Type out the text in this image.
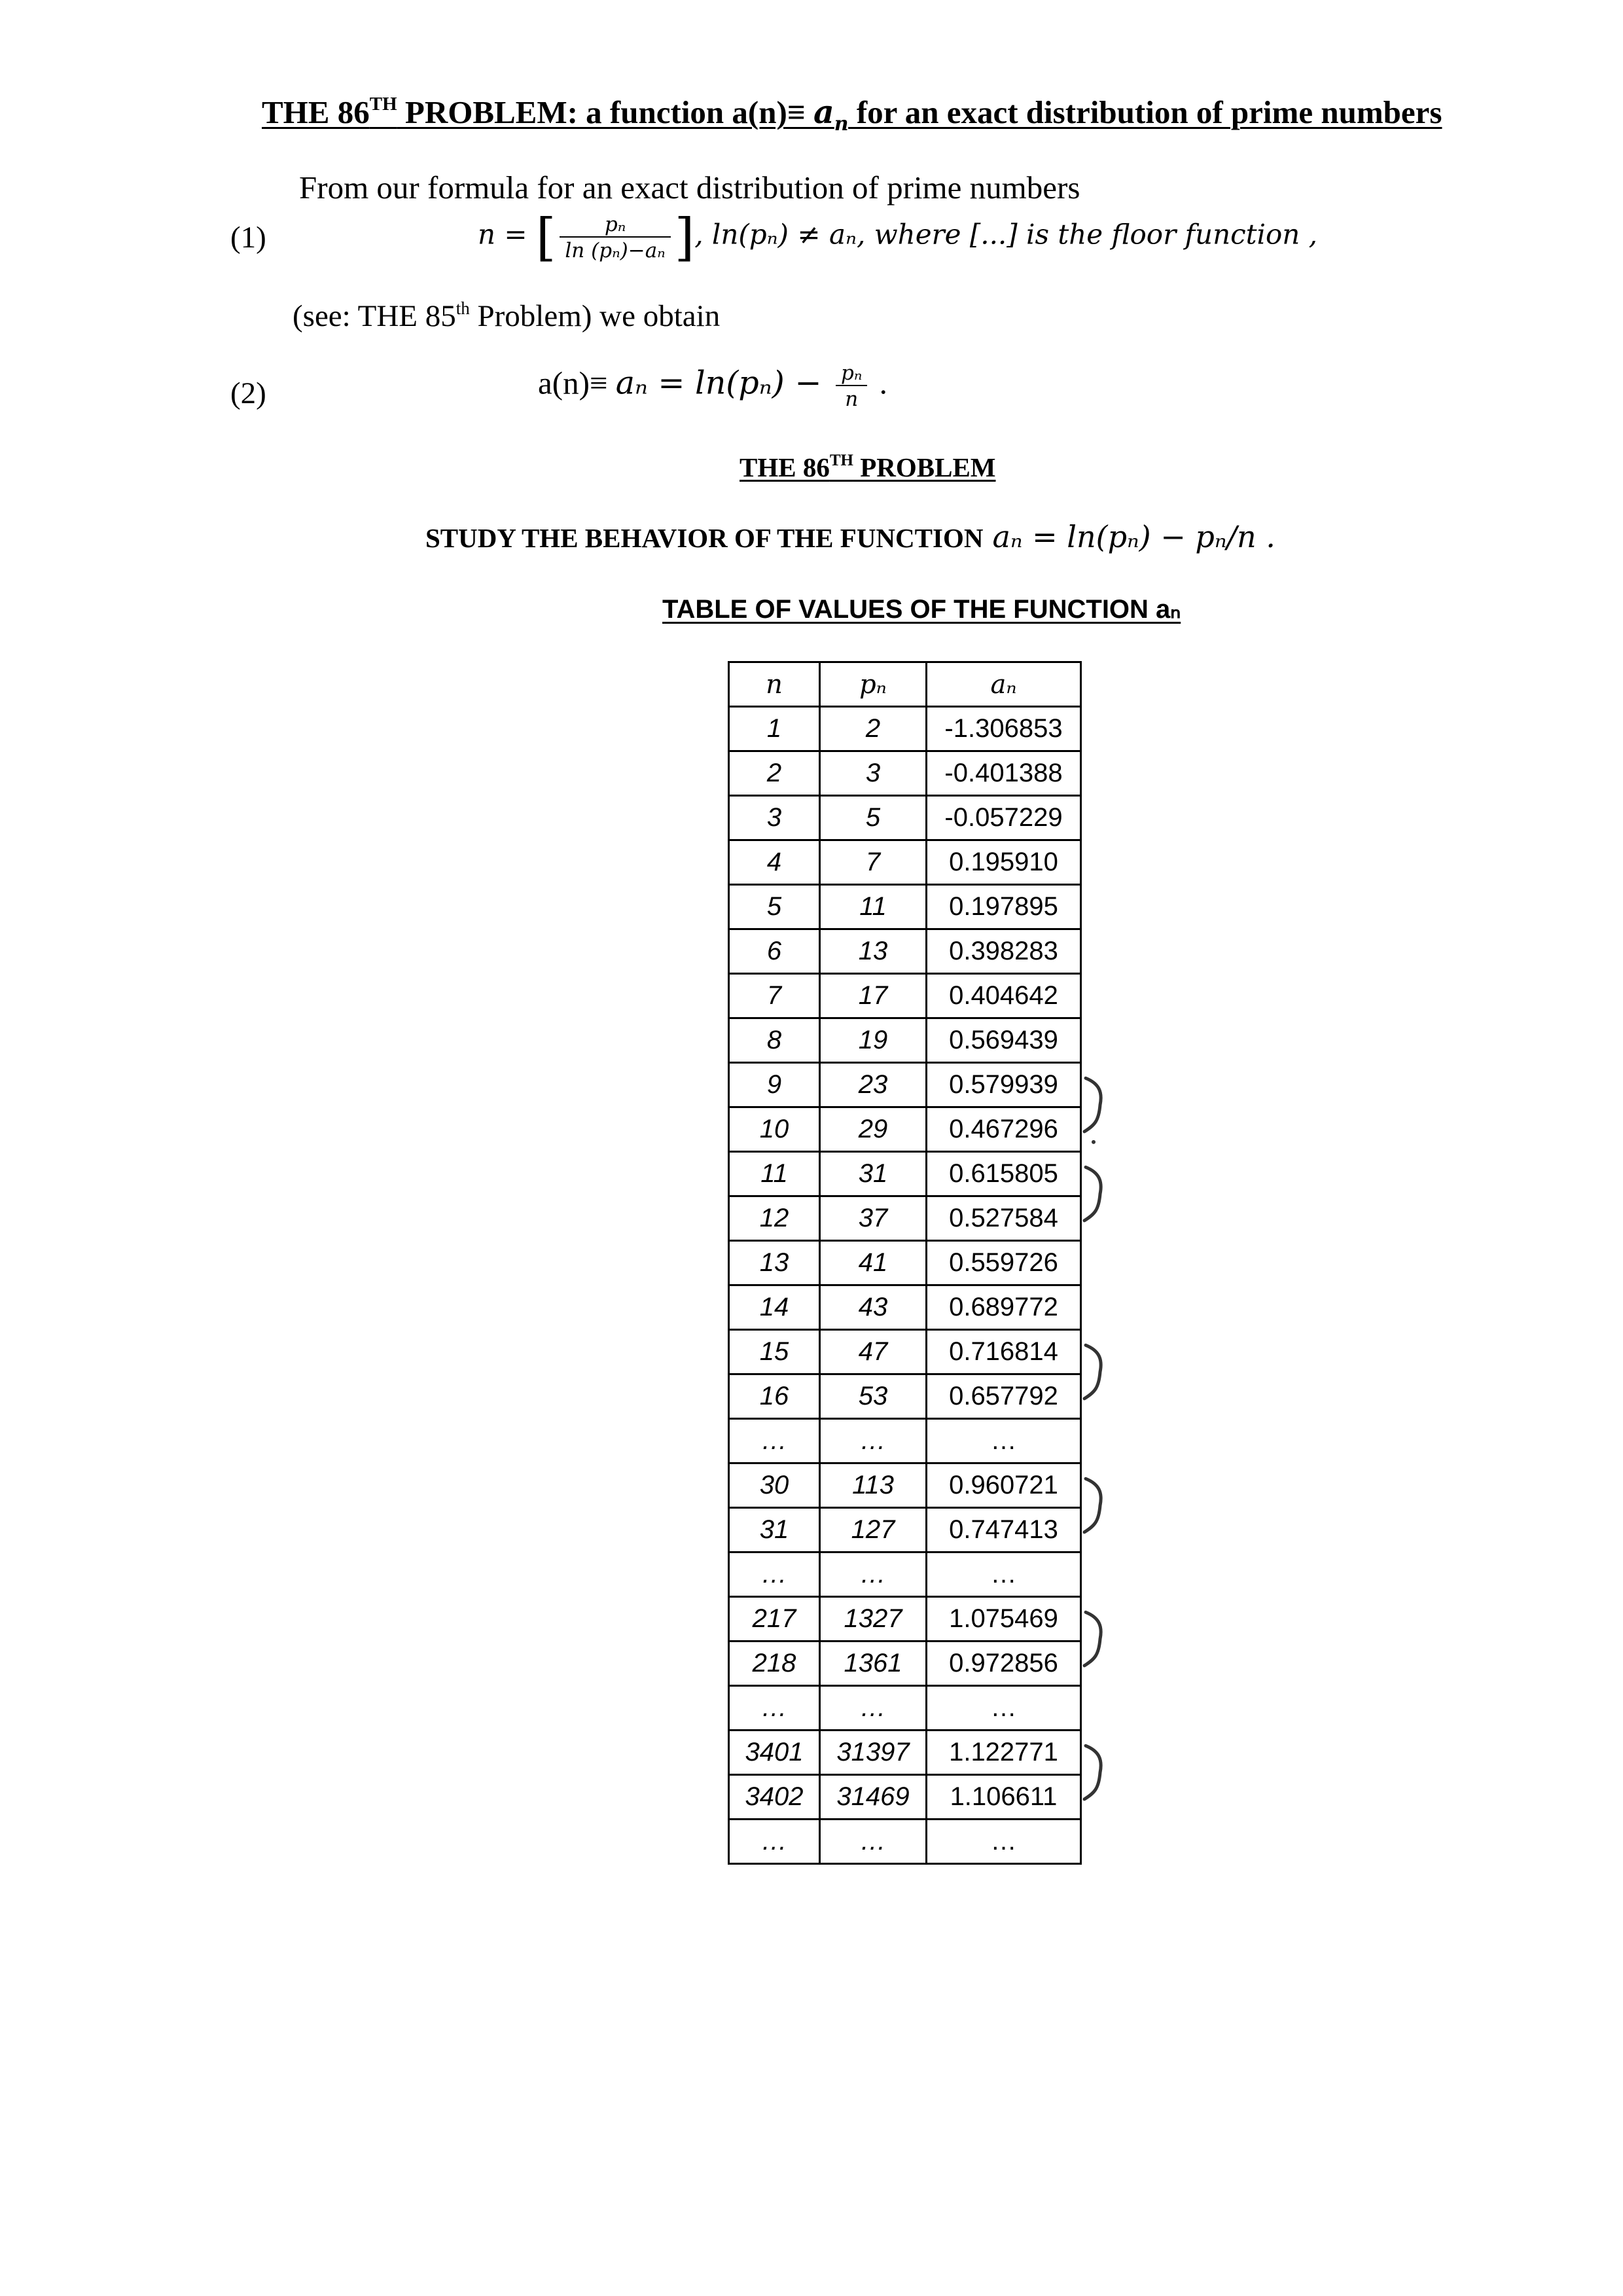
THE 86TH PROBLEM: a function $a(n)\equiv a_n$ for an exact distribution of prime numbers
From our formula for an exact distribution of prime numbers
(1)	n = [ $\frac{\text{pₙ}}{\text{ln (pₙ)−aₙ}}$ ], ln(pₙ) ≠ aₙ, where [...] is the floor function ,
(see: THE 85th Problem) we obtain
(2)	$a(n)\equiv a_n = \ln(p_n) - \frac{\text{pₙ}}{n}$ .
THE 86TH PROBLEM
STUDY THE BEHAVIOR OF THE FUNCTION aₙ = ln(pₙ) − pₙ/n .
TABLE OF VALUES OF THE FUNCTION aₙ
n	pₙ	aₙ
1	2	-1.306853
2	3	-0.401388
3	5	-0.057229
4	7	0.195910
5	11	0.197895
6	13	0.398283
7	17	0.404642
8	19	0.569439
9	23	0.579939
10	29	0.467296
11	31	0.615805
12	37	0.527584
13	41	0.559726
14	43	0.689772
15	47	0.716814
16	53	0.657792
…	…	…
30	113	0.960721
31	127	0.747413
…	…	…
217	1327	1.075469
218	1361	0.972856
…	…	…
3401	31397	1.122771
3402	31469	1.106611
…	…	…
